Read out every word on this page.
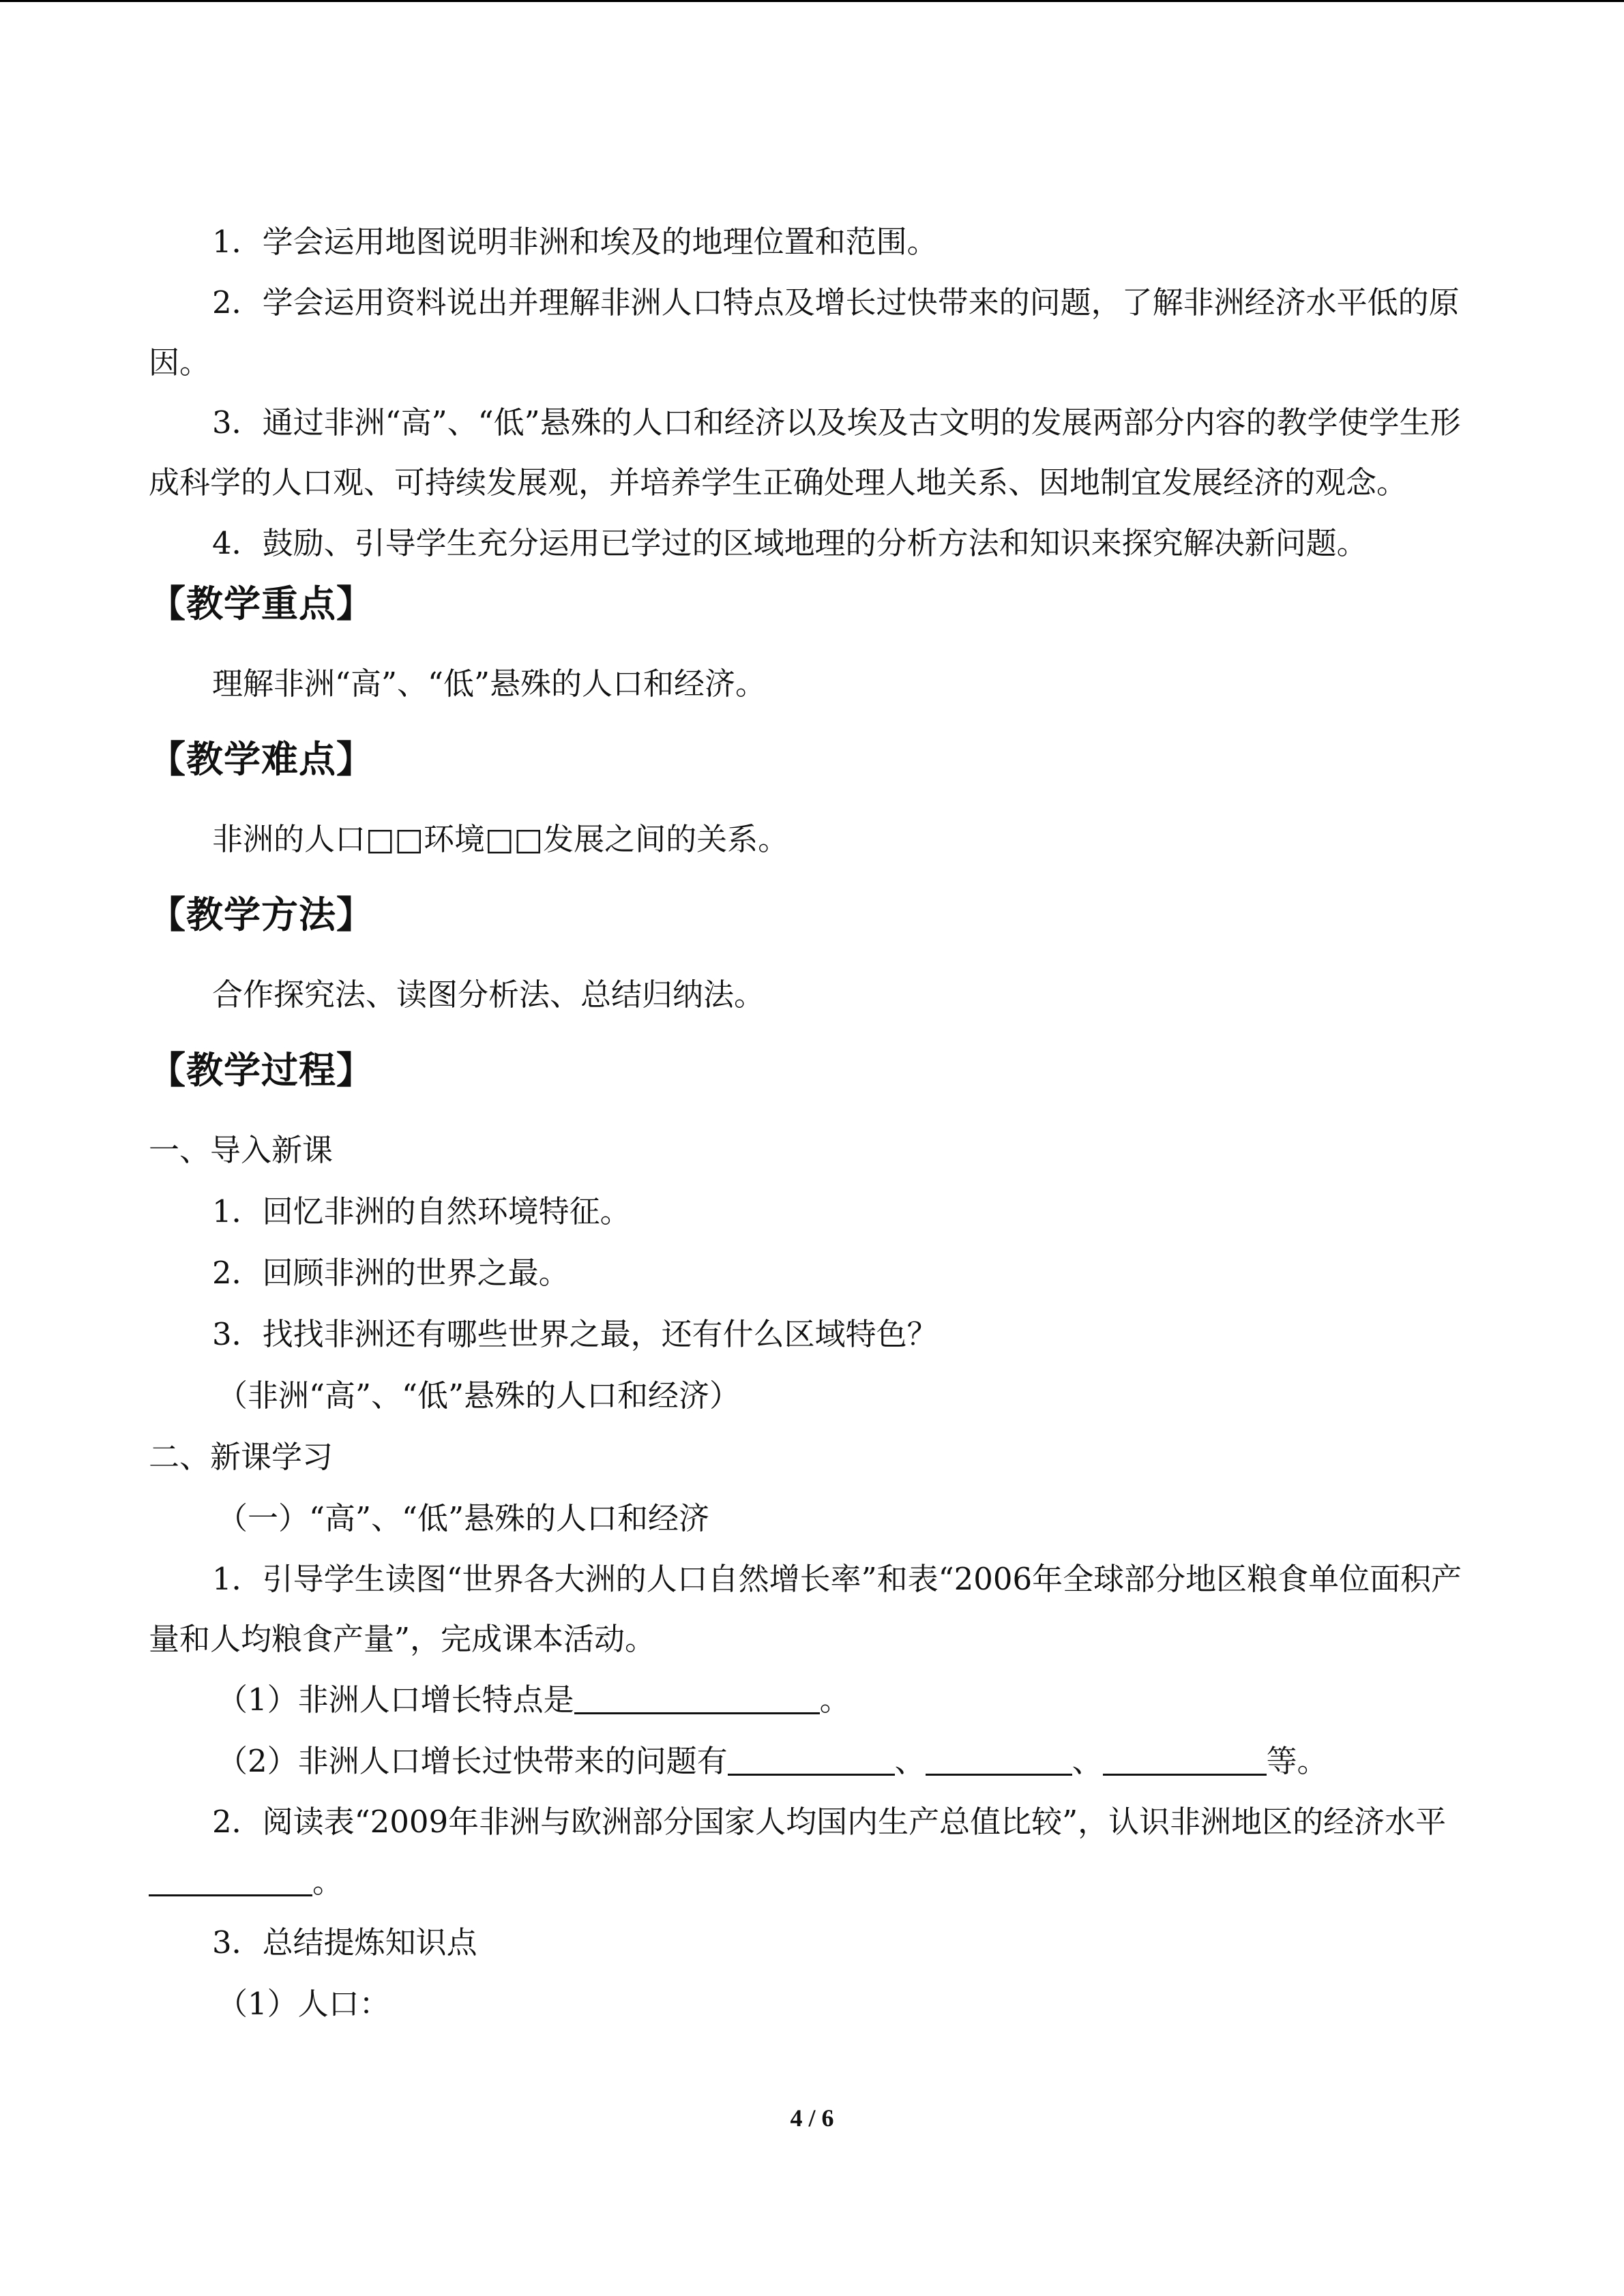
1．学会运用地图说明非洲和埃及的地理位置和范围。

2．学会运用资料说出并理解非洲人口特点及增长过快带来的问题，了解非洲经济水平低的原因。

3．通过非洲“高”、“低”悬殊的人口和经济以及埃及古文明的发展两部分内容的教学使学生形成科学的人口观、可持续发展观，并培养学生正确处理人地关系、因地制宜发展经济的观念。

4．鼓励、引导学生充分运用已学过的区域地理的分析方法和知识来探究解决新问题。

【教学重点】

理解非洲“高”、“低”悬殊的人口和经济。

【教学难点】

非洲的人口□□环境□□发展之间的关系。

【教学方法】

合作探究法、读图分析法、总结归纳法。

【教学过程】

一、导入新课

1．回忆非洲的自然环境特征。

2．回顾非洲的世界之最。

3．找找非洲还有哪些世界之最，还有什么区域特色？

（非洲“高”、“低”悬殊的人口和经济）

二、新课学习

（一）“高”、“低”悬殊的人口和经济

1．引导学生读图“世界各大洲的人口自然增长率”和表“2006年全球部分地区粮食单位面积产量和人均粮食产量”，完成课本活动。

（1）非洲人口增长特点是	。

（2）非洲人口增长过快带来的问题有	、	、	等。

2．阅读表“2009年非洲与欧洲部分国家人均国内生产总值比较”，认识非洲地区的经济水平。

3．总结提炼知识点

（1）人口：

4 / 6
